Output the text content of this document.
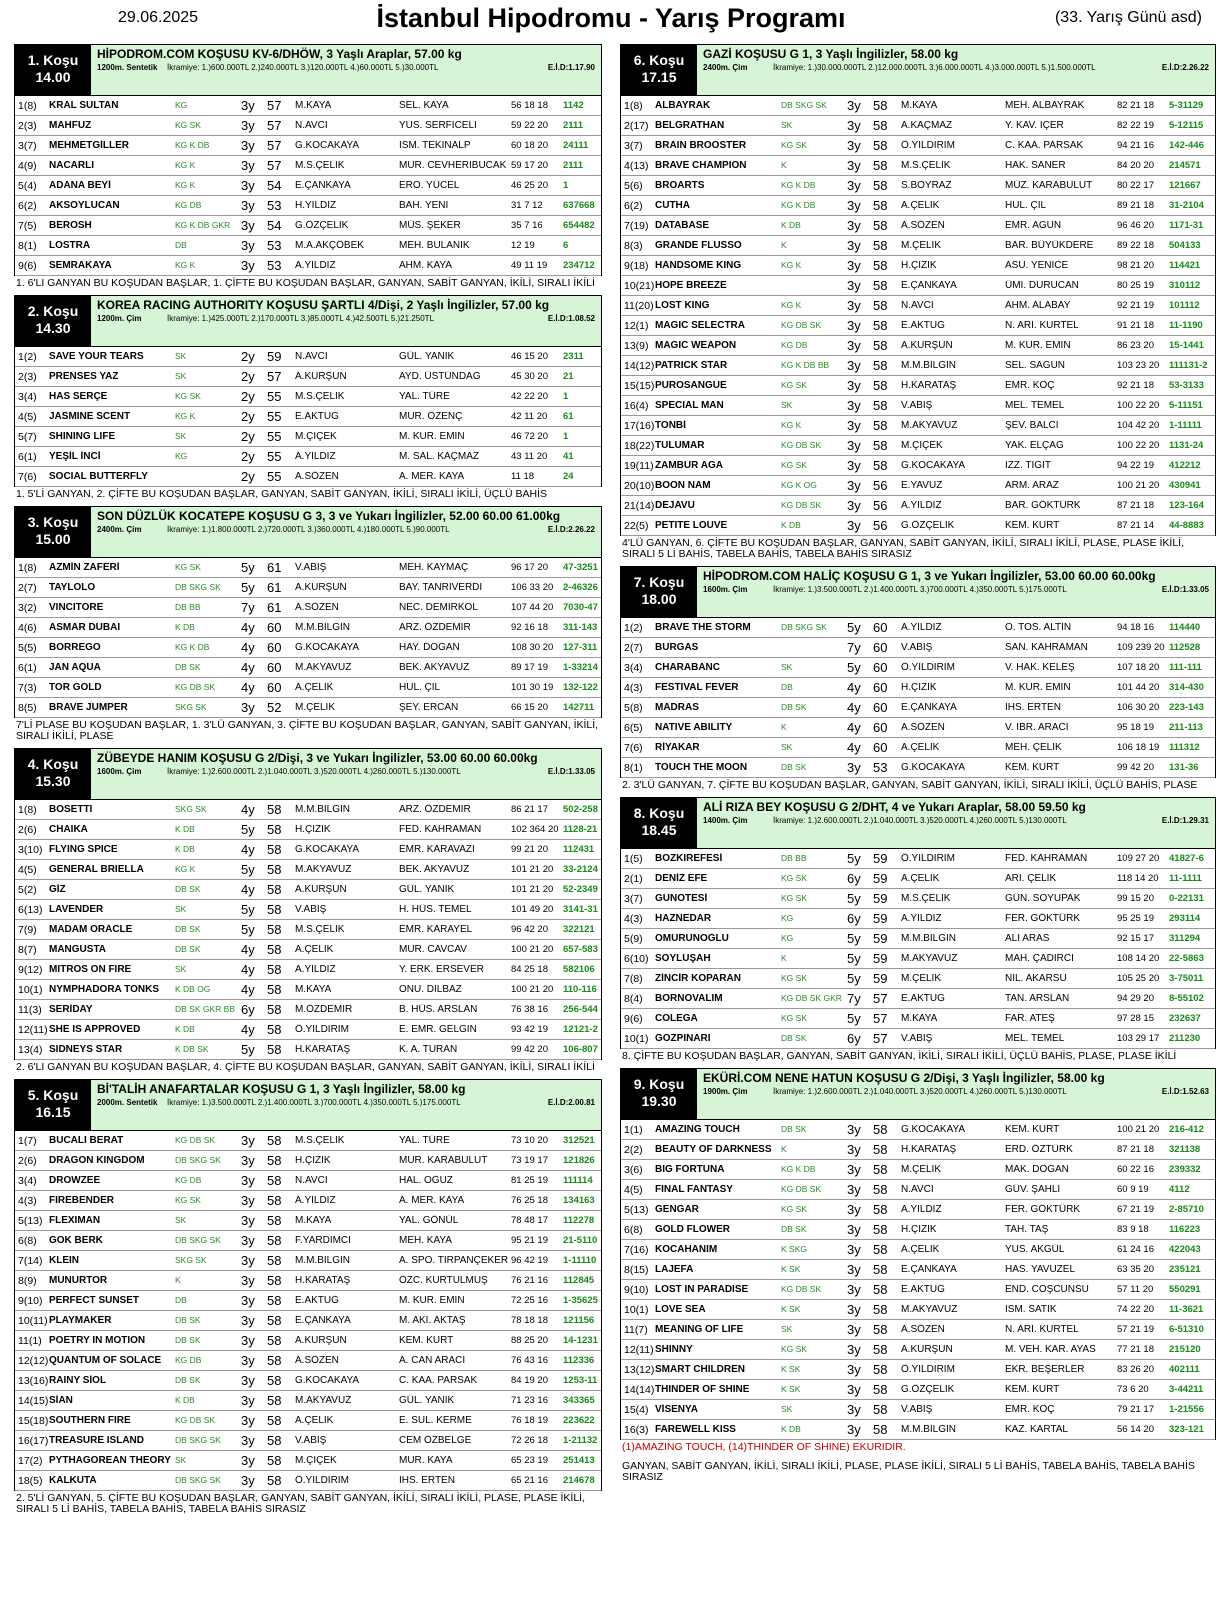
29.06.2025	İstanbul Hipodromu - Yarış Programı	(33. Yarış Günü asd)
1. Koşu
14.00
HİPODROM.COM KOŞUSU KV-6/DHÖW, 3 Yaşlı Araplar, 57.00 kg
1200m. Sentetik	İkramiye: 1.)600.000TL 2.)240.000TL 3.)120.000TL 4.)60.000TL 5.)30.000TL	E.İ.D:1.17.90
1(8)	KRAL SULTAN	KG	3y 57	M.KAYA	SEL. KAYA	56 18 18	1142
2(3)	MAHFUZ	KG SK	3y 57	N.AVCI	YUS. SERFİCELİ	59 22 20	2111
3(7)	MEHMETGİLLER	KG K DB	3y 57	G.KOCAKAYA	İSM. TEKİNALP	60 18 20	24111
4(9)	NACARLI	KG K	3y 57	M.S.ÇELİK	MUR. CEVHERİBUCAK 59 17 20	2111
5(4)	ADANA BEYİ	KG K	3y 54	E.ÇANKAYA	ERO. YÜCEL	46 25 20	1
6(2)	AKSOYLUCAN	KG DB	3y 53	H.YILDIZ	BAH. YENİ	31 7 12	637668
7(5)	BEROSH	KG K DB GKR 3y 54	G.ÖZÇELİK	MÜS. ŞEKER	35 7 16	654482
8(1)	LOSTRA	DB	3y 53	M.A.AKÇÖBEK	MEH. BULANIK	12 19	6
9(6)	SEMRAKAYA	KG K	3y 53	A.YILDIZ	AHM. KAYA	49 11 19	234712
1. 6'LI GANYAN BU KOŞUDAN BAŞLAR, 1. ÇİFTE BU KOŞUDAN BAŞLAR, GANYAN, SABİT GANYAN, İKİLİ, SIRALI İKİLİ
2. Koşu
14.30
KOREA RACING AUTHORITY KOŞUSU ŞARTLI 4/Dişi, 2 Yaşlı İngilizler, 57.00 kg
1200m. Çim	İkramiye: 1.)425.000TL 2.)170.000TL 3.)85.000TL 4.)42.500TL 5.)21.250TL	E.İ.D:1.08.52
1(2)	SAVE YOUR TEARS	SK	2y 59	N.AVCI	GÜL. YANIK	46 15 20	2311
2(3)	PRENSES YAZ	SK	2y 57	A.KURŞUN	AYD. ÜSTÜNDAĞ	45 30 20	21
3(4)	HAS SERÇE	KG SK	2y 55	M.S.ÇELİK	YAL. TÜRE	42 22 20	1
4(5)	JASMINE SCENT	KG K	2y 55	E.AKTUĞ	MUR. ÖZENÇ	42 11 20	61
5(7)	SHINING LIFE	SK	2y 55	M.ÇİÇEK	M. KUR. EMİN	46 72 20	1
6(1)	YEŞİL İNCİ	KG	2y 55	A.YILDIZ	M. SAL. KAÇMAZ	43 11 20	41
7(6)	SOCIAL BUTTERFLY	2y 55	A.SÖZEN	A. MER. KAYA	11 18	24
1. 5'Lİ GANYAN, 2. ÇİFTE BU KOŞUDAN BAŞLAR, GANYAN, SABİT GANYAN, İKİLİ, SIRALI İKİLİ, ÜÇLÜ BAHİS
3. Koşu
15.00
SON DÜZLÜK KOCATEPE KOŞUSU G 3, 3 ve Yukarı İngilizler, 52.00 60.00 61.00kg
2400m. Çim	İkramiye: 1.)1.800.000TL 2.)720.000TL 3.)360.000TL 4.)180.000TL 5.)90.000TL	E.İ.D:2.26.22
1(8)	AZMİN ZAFERİ	KG SK	5y 61	V.ABİŞ	MEH. KAYMAÇ	96 17 20	47-3251
2(7)	TAYLOLO	DB SKG SK	5y 61	A.KURŞUN	BAY. TANRIVERDİ	106 33 20	2-46326
3(2)	VINCITORE	DB BB	7y 61	A.SÖZEN	NEC. DEMİRKOL	107 44 20	7030-47
4(6)	ASMAR DUBAI	K DB	4y 60	M.M.BİLGİN	ARZ. ÖZDEMİR	92 16 18	311-143
5(5)	BORREGO	KG K DB	4y 60	G.KOCAKAYA	HAY. DOĞAN	108 30 20	127-311
6(1)	JAN AQUA	DB SK	4y 60	M.AKYAVUZ	BEK. AKYAVUZ	89 17 19	1-33214
7(3)	TOR GOLD	KG DB SK	4y 60	A.ÇELİK	HUL. ÇİL	101 30 19	132-122
8(5)	BRAVE JUMPER	SKG SK	3y 52	M.ÇELİK	ŞEY. ERCAN	66 15 20	142711
7'Lİ PLASE BU KOŞUDAN BAŞLAR, 1. 3'LÜ GANYAN, 3. ÇİFTE BU KOŞUDAN BAŞLAR, GANYAN, SABİT GANYAN, İKİLİ, SIRALI İKİLİ, PLASE
4. Koşu
15.30
ZÜBEYDE HANIM KOŞUSU G 2/Dişi, 3 ve Yukarı İngilizler, 53.00 60.00 60.00kg
1600m. Çim	İkramiye: 1.)2.600.000TL 2.)1.040.000TL 3.)520.000TL 4.)260.000TL 5.)130.000TL	E.İ.D:1.33.05
1(8)	BOSETTI	SKG SK	4y 58	M.M.BİLGİN	ARZ. ÖZDEMİR	86 21 17	502-258
2(6)	CHAIKA	K DB	5y 58	H.ÇİZİK	FED. KAHRAMAN	102 364 20 1128-21
3(10) FLYING SPICE	K DB	4y 58	G.KOCAKAYA	EMR. KARAVAZI	99 21 20	112431
4(5)	GENERAL BRIELLA	KG K	5y 58	M.AKYAVUZ	BEK. AKYAVUZ	101 21 20	33-2124
5(2)	GİZ	DB SK	4y 58	A.KURŞUN	GÜL. YANIK	101 21 20	52-2349
6(13) LAVENDER	SK	5y 58	V.ABİŞ	H. HÜS. TEMEL	101 49 20	3141-31
7(9)	MADAM ORACLE	DB SK	5y 58	M.S.ÇELİK	EMR. KARAYEL	96 42 20	322121
8(7)	MANGUSTA	DB SK	4y 58	A.ÇELİK	MUR. CAVCAV	100 21 20	657-583
9(12) MITROS ON FIRE	SK	4y 58	A.YILDIZ	Y. ERK. ERSEVER	84 25 18	582106
10(1) NYMPHADORA TONKS	K DB OG	4y 58	M.KAYA	ONU. DİLBAZ	100 21 20	110-116
11(3) SERİDAY	DB SK GKR BB 6y 58	M.ÖZDEMİR	B. HÜS. ARSLAN	76 38 16	256-544
12(11) SHE IS APPROVED	K DB	4y 58	Ö.YILDIRIM	E. EMR. GELGİN	93 42 19	12121-2
13(4) SIDNEYS STAR	K DB SK	5y 58	H.KARATAŞ	K. A. TURAN	99 42 20	106-807
2. 6'LI GANYAN BU KOŞUDAN BAŞLAR, 4. ÇİFTE BU KOŞUDAN BAŞLAR, GANYAN, SABİT GANYAN, İKİLİ, SIRALI İKİLİ
5. Koşu
16.15
Bİ'TALİH ANAFARTALAR KOŞUSU G 1, 3 Yaşlı İngilizler, 58.00 kg
2000m. Sentetik	İkramiye: 1.)3.500.000TL 2.)1.400.000TL 3.)700.000TL 4.)350.000TL 5.)175.000TL	E.İ.D:2.00.81
1(7)	BUCALI BERAT	KG DB SK	3y 58	M.S.ÇELİK	YAL. TÜRE	73 10 20	312521
2(6)	DRAGON KINGDOM	DB SKG SK	3y 58	H.ÇİZİK	MUR. KARABULUT	73 19 17	121826
3(4)	DROWZEE	KG DB	3y 58	N.AVCI	HAL. OĞUZ	81 25 19	111114
4(3)	FIREBENDER	KG SK	3y 58	A.YILDIZ	A. MER. KAYA	76 25 18	134163
5(13) FLEXIMAN	SK	3y 58	M.KAYA	YAL. GÖNÜL	78 48 17	112278
6(8)	GÖK BERK	DB SKG SK	3y 58	F.YARDIMCI	MEH. KAYA	95 21 19	21-5110
7(14) KLEIN	SKG SK	3y 58	M.M.BİLGİN	A. SPO. TIRPANÇEKER 96 42 19	1-11110
8(9)	MÜNÜRTOR	K	3y 58	H.KARATAŞ	ÖZC. KURTULMUŞ	76 21 16	112845
9(10) PERFECT SUNSET	DB	3y 58	E.AKTUĞ	M. KUR. EMİN	72 25 16	1-35625
10(11) PLAYMAKER	DB SK	3y 58	E.ÇANKAYA	M. AKİ. AKTAŞ	78 18 18	121156
11(1) POETRY IN MOTION	DB SK	3y 58	A.KURŞUN	KEM. KURT	88 25 20	14-1231
12(12) QUANTUM OF SOLACE	KG DB	3y 58	A.SÖZEN	A. CAN ARACI	76 43 16	112336
13(16) RAINY SİOL	DB SK	3y 58	G.KOCAKAYA	C. KAA. PARSAK	84 19 20	1253-11
14(15) SİAN	K DB	3y 58	M.AKYAVUZ	GÜL. YANIK	71 23 16	343365
15(18) SOUTHERN FIRE	KG DB SK	3y 58	A.ÇELİK	E. SUL. KERME	76 18 19	223622
16(17) TREASURE ISLAND	DB SKG SK	3y 58	V.ABİŞ	CEM ÖZBELGE	72 26 18	1-21132
17(2) PYTHAGOREAN THEORY SK	3y 58	M.ÇİÇEK	MUR. KAYA	65 23 19	251413
18(5) KALKÜTA	DB SKG SK	3y 58	Ö.YILDIRIM	İHS. ERTEN	65 21 16	214678
2. 5'Lİ GANYAN, 5. ÇİFTE BU KOŞUDAN BAŞLAR, GANYAN, SABİT GANYAN, İKİLİ, SIRALI İKİLİ, PLASE, PLASE İKİLİ, SIRALI 5 Lİ BAHİS, TABELA BAHİS, TABELA BAHİS SIRASIZ
6. Koşu
17.15
GAZİ KOŞUSU G 1, 3 Yaşlı İngilizler, 58.00 kg
2400m. Çim	İkramiye: 1.)30.000.000TL 2.)12.000.000TL 3.)6.000.000TL 4.)3.000.000TL 5.)1.500.000TL	E.İ.D:2.26.22
1(8)	ALBAYRAK	DB SKG SK	3y 58	M.KAYA	MEH. ALBAYRAK	82 21 18	5-31129
2(17) BELGRATHAN	SK	3y 58	A.KAÇMAZ	Y. KAV. İÇER	82 22 19	5-12115
3(7)	BRAIN BROOSTER	KG SK	3y 58	Ö.YILDIRIM	C. KAA. PARSAK	94 21 16	142-446
4(13) BRAVE CHAMPION	K	3y 58	M.S.ÇELİK	HAK. SANER	84 20 20	214571
5(6)	BROARTS	KG K DB	3y 58	S.BOYRAZ	MÜZ. KARABULUT	80 22 17	121667
6(2)	CUTHA	KG K DB	3y 58	A.ÇELİK	HUL. ÇİL	89 21 18	31-2104
7(19) DATABASE	K DB	3y 58	A.SÖZEN	EMR. AGUN	96 46 20	1171-31
8(3)	GRANDE FLUSSO	K	3y 58	M.ÇELİK	BAR. BÜYÜKDERE	89 22 18	504133
9(18) HANDSOME KING	KG K	3y 58	H.ÇİZİK	ASU. YENİCE	98 21 20	114421
10(21) HOPE BREEZE	3y 58	E.ÇANKAYA	ÜMİ. DURUCAN	80 25 19	310112
11(20) LOST KING	KG K	3y 58	N.AVCI	AHM. ALABAY	92 21 19	101112
12(1) MAGIC SELECTRA	KG DB SK	3y 58	E.AKTUĞ	N. ARİ. KURTEL	91 21 18	11-1190
13(9) MAGIC WEAPON	KG DB	3y 58	A.KURŞUN	M. KUR. EMİN	86 23 20	15-1441
14(12) PATRICK STAR	KG K DB BB	3y 58	M.M.BİLGİN	SEL. SAĞUN	103 23 20	111131-2
15(15) PUROSANGUE	KG SK	3y 58	H.KARATAŞ	EMR. KOÇ	92 21 18	53-3133
16(4) SPECIAL MAN	SK	3y 58	V.ABİŞ	MEL. TEMEL	100 22 20	5-11151
17(16) TONBİ	KG K	3y 58	M.AKYAVUZ	ŞEV. BALCI	104 42 20	1-11111
18(22) TULUMAR	KG DB SK	3y 58	M.ÇİÇEK	YAK. ELÇAĞ	100 22 20	1131-24
19(11) ZAMBUR AGA	KG SK	3y 58	G.KOCAKAYA	İZZ. TİĞİT	94 22 19	412212
20(10) BOON NAM	KG K OG	3y 56	E.YAVUZ	ARM. ARAZ	100 21 20	430941
21(14) DEJAVU	KG DB SK	3y 56	A.YILDIZ	BAR. GÖKTÜRK	87 21 18	123-164
22(5) PETITE LOUVE	K DB	3y 56	G.ÖZÇELİK	KEM. KURT	87 21 14	44-8883
4'LÜ GANYAN, 6. ÇİFTE BU KOŞUDAN BAŞLAR, GANYAN, SABİT GANYAN, İKİLİ, SIRALI İKİLİ, PLASE, PLASE İKİLİ, SIRALI 5 Lİ BAHİS, TABELA BAHİS, TABELA BAHİS SIRASIZ
7. Koşu
18.00
HİPODROM.COM HALİÇ KOŞUSU G 1, 3 ve Yukarı İngilizler, 53.00 60.00 60.00kg
1600m. Çim	İkramiye: 1.)3.500.000TL 2.)1.400.000TL 3.)700.000TL 4.)350.000TL 5.)175.000TL	E.İ.D:1.33.05
1(2)	BRAVE THE STORM	DB SKG SK	5y 60	A.YILDIZ	O. TOS. ALTIN	94 18 16	114440
2(7)	BURGAS	7y 60	V.ABİŞ	SAN. KAHRAMAN	109 239 20 112528
3(4)	CHARABANC	SK	5y 60	Ö.YILDIRIM	V. HAK. KELEŞ	107 18 20	111-111
4(3)	FESTIVAL FEVER	DB	4y 60	H.ÇİZİK	M. KUR. EMİN	101 44 20	314-430
5(8)	MADRAS	DB SK	4y 60	E.ÇANKAYA	İHS. ERTEN	106 30 20	223-143
6(5)	NATIVE ABILITY	K	4y 60	A.SÖZEN	V. İBR. ARACI	95 18 19	211-113
7(6)	RİYAKAR	SK	4y 60	A.ÇELİK	MEH. ÇELİK	106 18 19	111312
8(1)	TOUCH THE MOON	DB SK	3y 53	G.KOCAKAYA	KEM. KURT	99 42 20	131-36
2. 3'LÜ GANYAN, 7. ÇİFTE BU KOŞUDAN BAŞLAR, GANYAN, SABİT GANYAN, İKİLİ, SIRALI İKİLİ, ÜÇLÜ BAHİS, PLASE
8. Koşu
18.45
ALİ RIZA BEY KOŞUSU G 2/DHT, 4 ve Yukarı Araplar, 58.00 59.50 kg
1400m. Çim	İkramiye: 1.)2.600.000TL 2.)1.040.000TL 3.)520.000TL 4.)260.000TL 5.)130.000TL	E.İ.D:1.29.31
1(5)	BOZKIREFESİ	DB BB	5y 59	Ö.YILDIRIM	FED. KAHRAMAN	109 27 20	41827-6
2(1)	DENİZ EFE	KG SK	6y 59	A.ÇELİK	ARİ. ÇELİK	118 14 20	11-1111
3(7)	GÜNÖTESİ	KG SK	5y 59	M.S.ÇELİK	GÜN. SOYUPAK	99 15 20	0-22131
4(3)	HAZNEDAR	KG	6y 59	A.YILDIZ	FER. GÖKTÜRK	95 25 19	293114
5(9)	ÖMÜRÜNOĞLU	KG	5y 59	M.M.BİLGİN	ALİ ARAS	92 15 17	311294
6(10) SOYLUŞAH	K	5y 59	M.AKYAVUZ	MAH. ÇADIRCI	108 14 20	22-5863
7(8)	ZİNCİR KOPARAN	KG SK	5y 59	M.ÇELİK	NİL. AKARSU	105 25 20	3-75011
8(4)	BORNOVALIM	KG DB SK GKR 7y 57	E.AKTUĞ	TAN. ARSLAN	94 29 20	8-55102
9(6)	COLEGA	KG SK	5y 57	M.KAYA	FAR. ATEŞ	97 28 15	232637
10(1) GÖZPINARI	DB SK	6y 57	V.ABİŞ	MEL. TEMEL	103 29 17	211230
8. ÇİFTE BU KOŞUDAN BAŞLAR, GANYAN, SABİT GANYAN, İKİLİ, SIRALI İKİLİ, ÜÇLÜ BAHİS, PLASE, PLASE İKİLİ
9. Koşu
19.30
EKÜRİ.COM NENE HATUN KOŞUSU G 2/Dişi, 3 Yaşlı İngilizler, 58.00 kg
1900m. Çim	İkramiye: 1.)2.600.000TL 2.)1.040.000TL 3.)520.000TL 4.)260.000TL 5.)130.000TL	E.İ.D:1.52.63
1(1)	AMAZING TOUCH	DB SK	3y 58	G.KOCAKAYA	KEM. KURT	100 21 20	216-412
2(2)	BEAUTY OF DARKNESS	K	3y 58	H.KARATAŞ	ERD. ÖZTÜRK	87 21 18	321138
3(6)	BIG FORTUNA	KG K DB	3y 58	M.ÇELİK	MAK. DOĞAN	60 22 16	239332
4(5)	FINAL FANTASY	KG DB SK	3y 58	N.AVCI	GÜV. ŞAHLI	60 9 19	4112
5(13) GENGAR	KG SK	3y 58	A.YILDIZ	FER. GÖKTÜRK	67 21 19	2-85710
6(8)	GOLD FLOWER	DB SK	3y 58	H.ÇİZİK	TAH. TAŞ	83 9 18	116223
7(16) KOCAHANIM	K SKG	3y 58	A.ÇELİK	YUS. AKGÜL	61 24 16	422043
8(15) LAJEFA	K SK	3y 58	E.ÇANKAYA	HAS. YAVUZEL	63 35 20	235121
9(10) LOST IN PARADISE	KG DB SK	3y 58	E.AKTUĞ	END. COŞCUNSU	57 11 20	550291
10(1) LOVE SEA	K SK	3y 58	M.AKYAVUZ	İSM. SATIK	74 22 20	11-3621
11(7) MEANING OF LIFE	SK	3y 58	A.SÖZEN	N. ARİ. KURTEL	57 21 19	6-51310
12(11) SHINNY	KG SK	3y 58	A.KURŞUN	M. VEH. KAR. AYAS	77 21 18	215120
13(12) SMART CHILDREN	K SK	3y 58	Ö.YILDIRIM	EKR. BEŞERLER	83 26 20	402111
14(14) THINDER OF SHINE	K SK	3y 58	G.ÖZÇELİK	KEM. KURT	73 6 20	3-44211
15(4) VİSENYA	SK	3y 58	V.ABİŞ	EMR. KOÇ	79 21 17	1-21556
16(3) FAREWELL KISS	K DB	3y 58	M.M.BİLGİN	KAZ. KARTAL	56 14 20	323-121
(1)AMAZING TOUCH, (14)THINDER OF SHINE) EKURIDIR.
GANYAN, SABİT GANYAN, İKİLİ, SIRALI İKİLİ, PLASE, PLASE İKİLİ, SIRALI 5 Lİ BAHİS, TABELA BAHİS, TABELA BAHİS SIRASIZ
